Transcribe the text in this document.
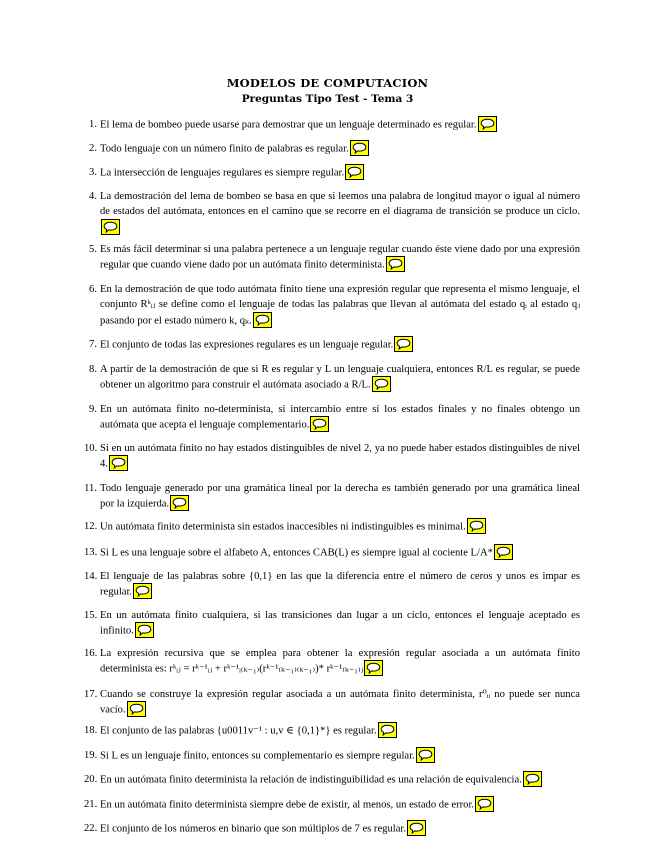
MODELOS DE COMPUTACION
Preguntas Tipo Test - Tema 3
1. El lema de bombeo puede usarse para demostrar que un lenguaje determinado es regular.
2. Todo lenguaje con un número finito de palabras es regular.
3. La intersección de lenguajes regulares es siempre regular.
4. La demostración del lema de bombeo se basa en que si leemos una palabra de longitud mayor o igual al número de estados del autómata, entonces en el camino que se recorre en el diagrama de transición se produce un ciclo.
5. Es más fácil determinar si una palabra pertenece a un lenguaje regular cuando éste viene dado por una expresión regular que cuando viene dado por un autómata finito determinista.
6. En la demostración de que todo autómata finito tiene una expresión regular que representa el mismo lenguaje, el conjunto Rᵏᵢⱼ se define como el lenguaje de todas las palabras que llevan al autómata del estado qᵢ al estado qⱼ pasando por el estado número k, qₖ.
7. El conjunto de todas las expresiones regulares es un lenguaje regular.
8. A partir de la demostración de que si R es regular y L un lenguaje cualquiera, entonces R/L es regular, se puede obtener un algoritmo para construir el autómata asociado a R/L.
9. En un autómata finito no-determinista, si intercambio entre sí los estados finales y no finales obtengo un autómata que acepta el lenguaje complementario.
10. Si en un autómata finito no hay estados distinguibles de nivel 2, ya no puede haber estados distinguibles de nivel 4.
11. Todo lenguaje generado por una gramática lineal por la derecha es también generado por una gramática lineal por la izquierda.
12. Un autómata finito determinista sin estados inaccesibles ni indistinguibles es minimal.
13. Si L es una lenguaje sobre el alfabeto A, entonces CAB(L) es siempre igual al cociente L/A*
14. El lenguaje de las palabras sobre {0,1} en las que la diferencia entre el número de ceros y unos es impar es regular.
15. En un autómata finito cualquiera, si las transiciones dan lugar a un ciclo, entonces el lenguaje aceptado es infinito.
16. La expresión recursiva que se emplea para obtener la expresión regular asociada a un autómata finito determinista es: rᵏᵢⱼ = rᵏ⁻¹ᵢⱼ + rᵏ⁻¹ᵢ₍ₖ₋₁₎(rᵏ⁻¹₍ₖ₋₁₎₍ₖ₋₁₎)* rᵏ⁻¹₍ₖ₋₁₎ⱼ
17. Cuando se construye la expresión regular asociada a un autómata finito determinista, r⁰ᵢᵢ no puede ser nunca vacío.
18. El conjunto de las palabras {u0011v⁻¹ : u,v ∈ {0,1}*} es regular.
19. Si L es un lenguaje finito, entonces su complementario es siempre regular.
20. En un autómata finito determinista la relación de indistinguibilidad es una relación de equivalencia.
21. En un autómata finito determinista siempre debe de existir, al menos, un estado de error.
22. El conjunto de los números en binario que son múltiplos de 7 es regular.
